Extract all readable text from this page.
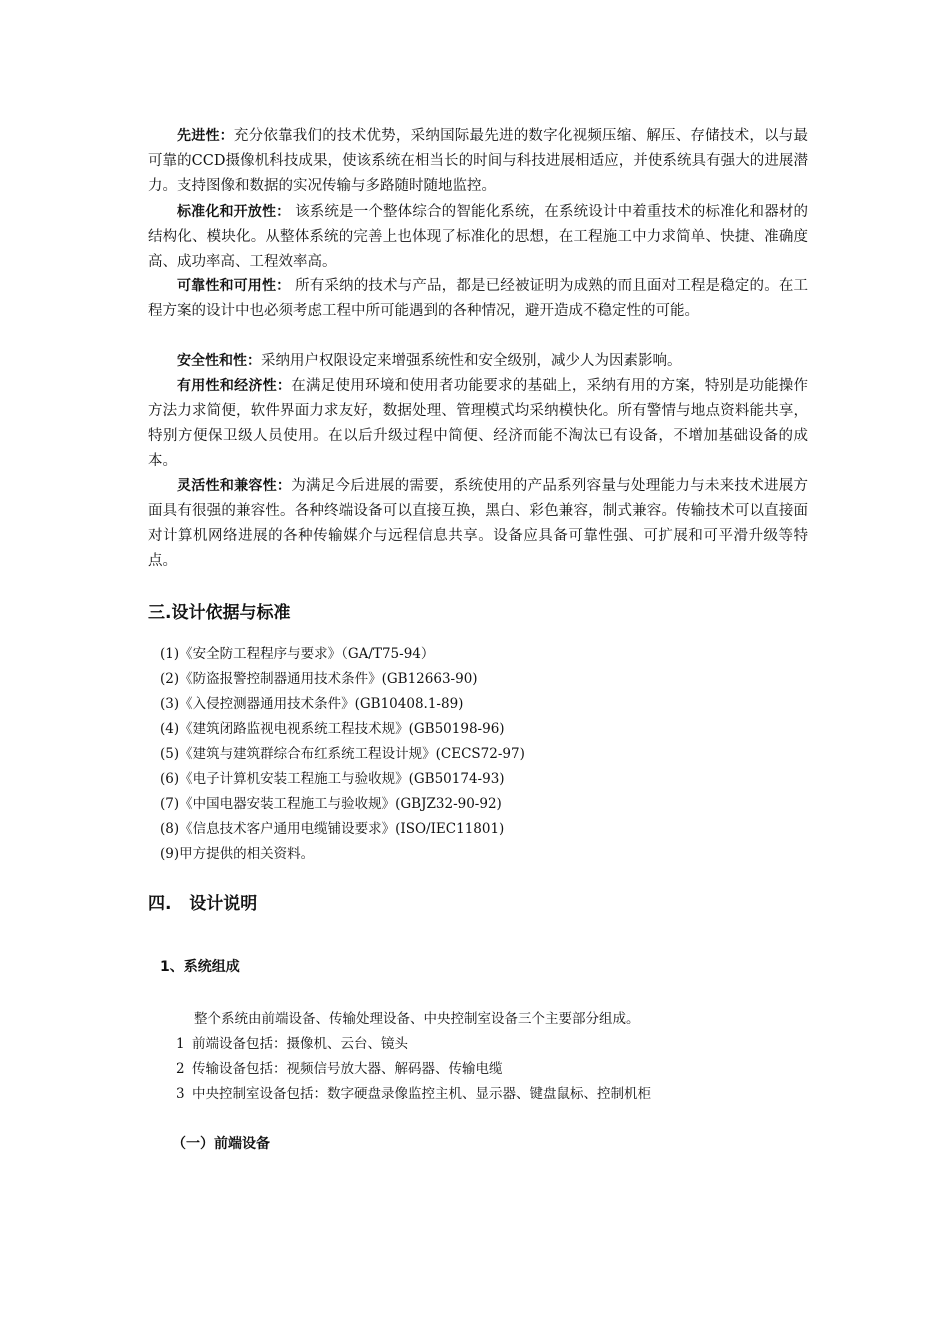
先进性：充分依靠我们的技术优势，采纳国际最先进的数字化视频压缩、解压、存储技术，以与最可靠的CCD摄像机科技成果，使该系统在相当长的时间与科技进展相适应，并使系统具有强大的进展潜力。支持图像和数据的实况传输与多路随时随地监控。

标准化和开放性： 该系统是一个整体综合的智能化系统，在系统设计中着重技术的标准化和器材的结构化、模块化。从整体系统的完善上也体现了标准化的思想，在工程施工中力求简单、快捷、准确度高、成功率高、工程效率高。

可靠性和可用性： 所有采纳的技术与产品，都是已经被证明为成熟的而且面对工程是稳定的。在工程方案的设计中也必须考虑工程中所可能遇到的各种情况，避开造成不稳定性的可能。

安全性和性：采纳用户权限设定来增强系统性和安全级别，减少人为因素影响。

有用性和经济性：在满足使用环境和使用者功能要求的基础上，采纳有用的方案，特别是功能操作方法力求简便，软件界面力求友好，数据处理、管理模式均采纳模快化。所有警情与地点资料能共享，特别方便保卫级人员使用。在以后升级过程中简便、经济而能不淘汰已有设备，不增加基础设备的成本。

灵活性和兼容性：为满足今后进展的需要，系统使用的产品系列容量与处理能力与未来技术进展方面具有很强的兼容性。各种终端设备可以直接互换，黑白、彩色兼容，制式兼容。传输技术可以直接面对计算机网络进展的各种传输媒介与远程信息共享。设备应具备可靠性强、可扩展和可平滑升级等特点。

三.设计依据与标准
(1)《安全防工程程序与要求》（GA/T75-94）
(2)《防盗报警控制器通用技术条件》(GB12663-90)
(3)《入侵控测器通用技术条件》(GB10408.1-89)
(4)《建筑闭路监视电视系统工程技术规》(GB50198-96)
(5)《建筑与建筑群综合布红系统工程设计规》(CECS72-97)
(6)《电子计算机安装工程施工与验收规》(GB50174-93)
(7)《中国电器安装工程施工与验收规》(GBJZ32-90-92)
(8)《信息技术客户通用电缆铺设要求》(ISO/IEC11801)
(9)甲方提供的相关资料。
四.   设计说明
1、系统组成
整个系统由前端设备、传输处理设备、中央控制室设备三个主要部分组成。
1 前端设备包括：摄像机、云台、镜头
2 传输设备包括：视频信号放大器、解码器、传输电缆
3 中央控制室设备包括：数字硬盘录像监控主机、显示器、键盘鼠标、控制机柜
（一）前端设备
